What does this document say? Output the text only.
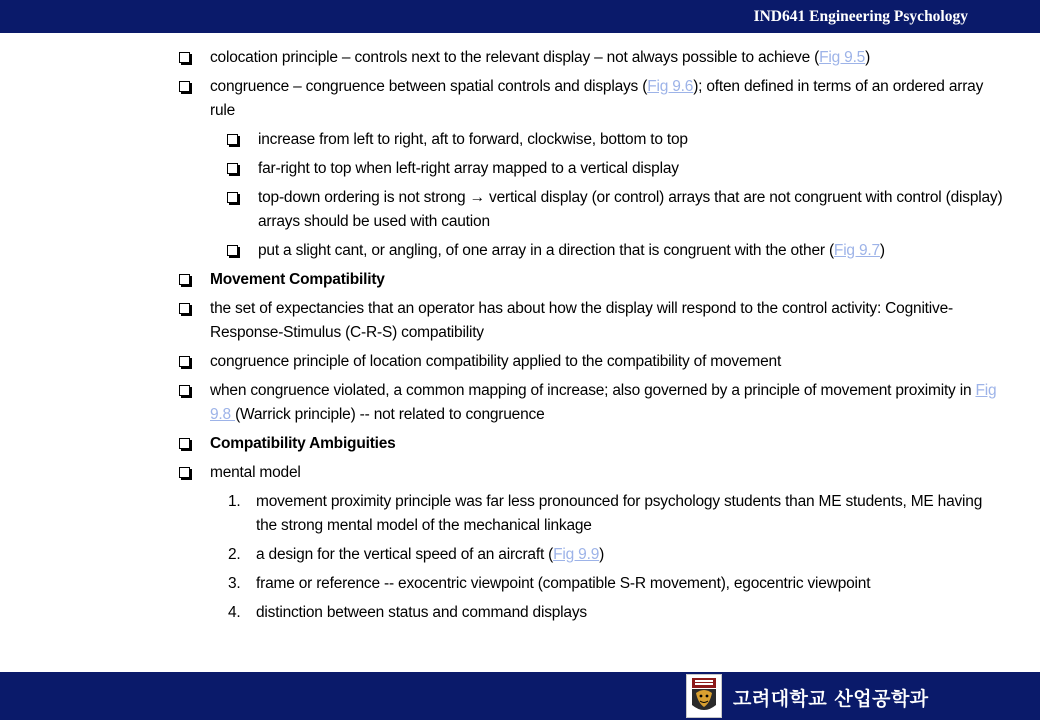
IND641 Engineering Psychology
colocation principle – controls next to the relevant display – not always possible to achieve (Fig 9.5)
congruence – congruence between spatial controls and displays (Fig 9.6); often defined in terms of an ordered array rule
increase from left to right, aft to forward, clockwise, bottom to top
far-right to top when left-right array mapped to a vertical display
top-down ordering is not strong → vertical display (or control) arrays that are not congruent with control (display) arrays should be used with caution
put a slight cant, or angling, of one array in a direction that is congruent with the other (Fig 9.7)
Movement Compatibility
the set of expectancies that an operator has about how the display will respond to the control activity: Cognitive-Response-Stimulus (C-R-S) compatibility
congruence principle of location compatibility applied to the compatibility of movement
when congruence violated, a common mapping of increase; also governed by a principle of movement proximity in Fig 9.8 (Warrick principle) -- not related to congruence
Compatibility Ambiguities
mental model
1. movement proximity principle was far less pronounced for psychology students than ME students, ME having the strong mental model of the mechanical linkage
2. a design for the vertical speed of an aircraft (Fig 9.9)
3. frame or reference -- exocentric viewpoint (compatible S-R movement), egocentric viewpoint
4. distinction between status and command displays
고려대학교 산업공학과
